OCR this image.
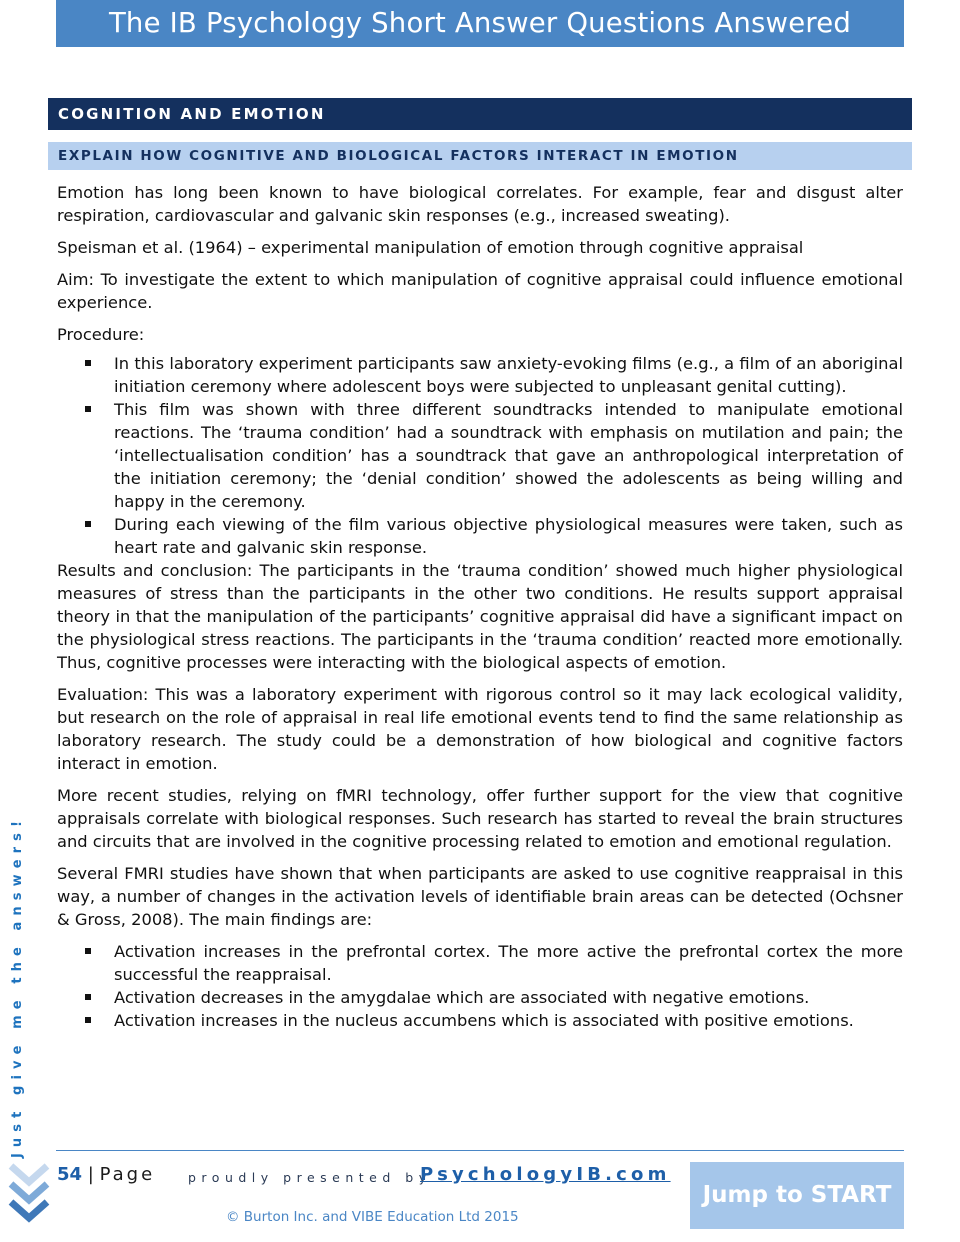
The IB Psychology Short Answer Questions Answered
COGNITION AND EMOTION
EXPLAIN HOW COGNITIVE AND BIOLOGICAL FACTORS INTERACT IN EMOTION

Emotion has long been known to have biological correlates. For example, fear and disgust alter respiration, cardiovascular and galvanic skin responses (e.g., increased sweating).

Speisman et al. (1964) – experimental manipulation of emotion through cognitive appraisal

Aim: To investigate the extent to which manipulation of cognitive appraisal could influence emotional experience.

Procedure:

In this laboratory experiment participants saw anxiety-evoking films (e.g., a film of an aboriginal initiation ceremony where adolescent boys were subjected to unpleasant genital cutting).
This film was shown with three different soundtracks intended to manipulate emotional reactions. The ‘trauma condition’ had a soundtrack with emphasis on mutilation and pain; the ‘intellectualisation condition’ has a soundtrack that gave an anthropological interpretation of the initiation ceremony; the ‘denial condition’ showed the adolescents as being willing and happy in the ceremony.
During each viewing of the film various objective physiological measures were taken, such as heart rate and galvanic skin response.

Results and conclusion: The participants in the ‘trauma condition’ showed much higher physiological measures of stress than the participants in the other two conditions. He results support appraisal theory in that the manipulation of the participants’ cognitive appraisal did have a significant impact on the physiological stress reactions. The participants in the ‘trauma condition’ reacted more emotionally. Thus, cognitive processes were interacting with the biological aspects of emotion.

Evaluation: This was a laboratory experiment with rigorous control so it may lack ecological validity, but research on the role of appraisal in real life emotional events tend to find the same relationship as laboratory research. The study could be a demonstration of how biological and cognitive factors interact in emotion.

More recent studies, relying on fMRI technology, offer further support for the view that cognitive appraisals correlate with biological responses. Such research has started to reveal the brain structures and circuits that are involved in the cognitive processing related to emotion and emotional regulation.

Several FMRI studies have shown that when participants are asked to use cognitive reappraisal in this way, a number of changes in the activation levels of identifiable brain areas can be detected (Ochsner & Gross, 2008). The main findings are:

Activation increases in the prefrontal cortex. The more active the prefrontal cortex the more successful the reappraisal.
Activation decreases in the amygdalae which are associated with negative emotions.
Activation increases in the nucleus accumbens which is associated with positive emotions.
Just give me the answers!
54 | Page	proudly presented by
PsychologyIB.com
© Burton Inc. and VIBE Education Ltd 2015
Jump to START
